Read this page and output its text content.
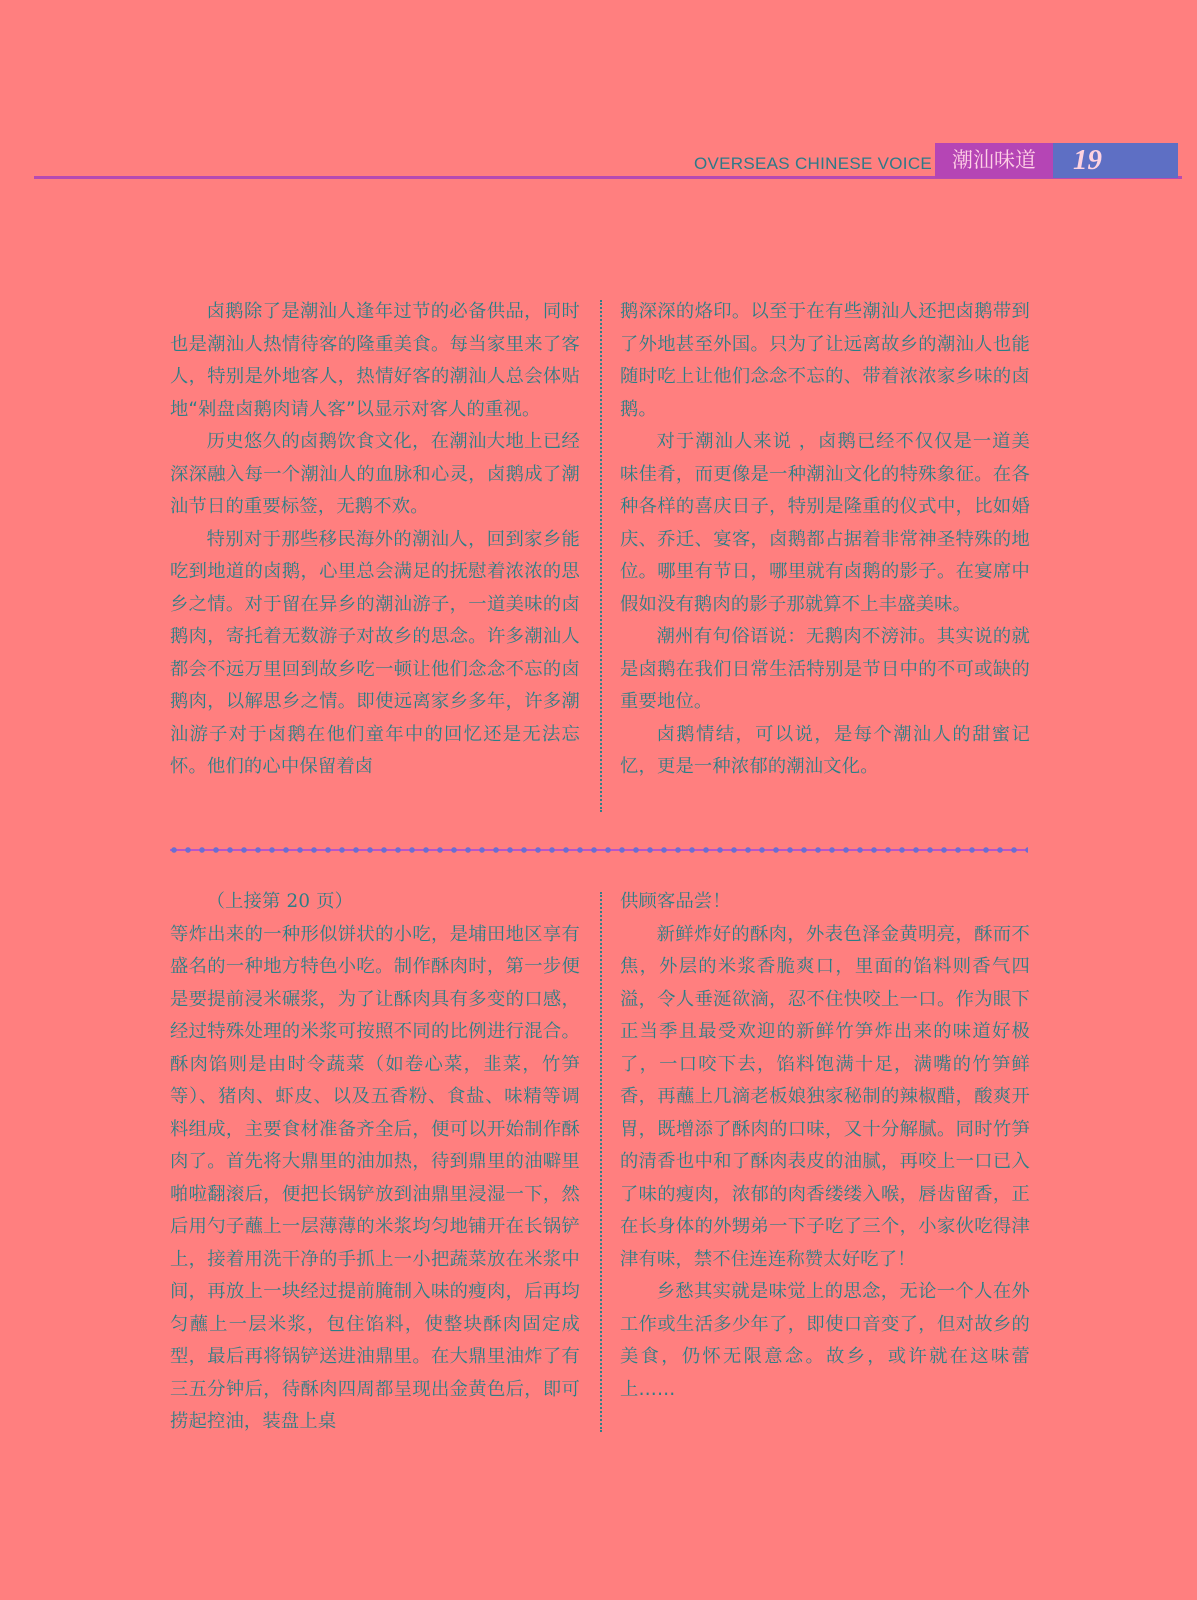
OVERSEAS CHINESE VOICE 潮汕味道	19

卤鹅除了是潮汕人逢年过节的必备供品，同时也是潮汕人热情待客的隆重美食。每当家里来了客人，特别是外地客人，热情好客的潮汕人总会体贴地“剁盘卤鹅肉请人客”以显示对客人的重视。

历史悠久的卤鹅饮食文化，在潮汕大地上已经深深融入每一个潮汕人的血脉和心灵，卤鹅成了潮汕节日的重要标签，无鹅不欢。

特别对于那些移民海外的潮汕人，回到家乡能吃到地道的卤鹅，心里总会满足的抚慰着浓浓的思乡之情。对于留在异乡的潮汕游子，一道美味的卤鹅肉，寄托着无数游子对故乡的思念。许多潮汕人都会不远万里回到故乡吃一顿让他们念念不忘的卤鹅肉，以解思乡之情。即使远离家乡多年，许多潮汕游子对于卤鹅在他们童年中的回忆还是无法忘怀。他们的心中保留着卤

鹅深深的烙印。以至于在有些潮汕人还把卤鹅带到了外地甚至外国。只为了让远离故乡的潮汕人也能随时吃上让他们念念不忘的、带着浓浓家乡味的卤鹅。

对于潮汕人来说 ，卤鹅已经不仅仅是一道美味佳肴，而更像是一种潮汕文化的特殊象征。在各种各样的喜庆日子，特别是隆重的仪式中，比如婚庆、乔迁、宴客，卤鹅都占据着非常神圣特殊的地位。哪里有节日，哪里就有卤鹅的影子。在宴席中假如没有鹅肉的影子那就算不上丰盛美味。

潮州有句俗语说：无鹅肉不滂沛。其实说的就是卤鹅在我们日常生活特别是节日中的不可或缺的重要地位。

卤鹅情结，可以说，是每个潮汕人的甜蜜记忆，更是一种浓郁的潮汕文化。

（上接第 20 页）

等炸出来的一种形似饼状的小吃，是埔田地区享有盛名的一种地方特色小吃。制作酥肉时，第一步便是要提前浸米碾浆，为了让酥肉具有多变的口感，经过特殊处理的米浆可按照不同的比例进行混合。酥肉馅则是由时令蔬菜（如卷心菜，韭菜，竹笋等）、猪肉、虾皮、以及五香粉、食盐、味精等调料组成，主要食材准备齐全后，便可以开始制作酥肉了。首先将大鼎里的油加热，待到鼎里的油噼里啪啦翻滚后，便把长锅铲放到油鼎里浸湿一下，然后用勺子蘸上一层薄薄的米浆均匀地铺开在长锅铲上，接着用洗干净的手抓上一小把蔬菜放在米浆中间，再放上一块经过提前腌制入味的瘦肉，后再均匀蘸上一层米浆，包住馅料，使整块酥肉固定成型，最后再将锅铲送进油鼎里。在大鼎里油炸了有三五分钟后，待酥肉四周都呈现出金黄色后，即可捞起控油，装盘上桌

供顾客品尝！

新鲜炸好的酥肉，外表色泽金黄明亮，酥而不焦，外层的米浆香脆爽口，里面的馅料则香气四溢，令人垂涎欲滴，忍不住快咬上一口。作为眼下正当季且最受欢迎的新鲜竹笋炸出来的味道好极了，一口咬下去，馅料饱满十足，满嘴的竹笋鲜香，再蘸上几滴老板娘独家秘制的辣椒醋，酸爽开胃，既增添了酥肉的口味，又十分解腻。同时竹笋的清香也中和了酥肉表皮的油腻，再咬上一口已入了味的瘦肉，浓郁的肉香缕缕入喉，唇齿留香，正在长身体的外甥弟一下子吃了三个，小家伙吃得津津有味，禁不住连连称赞太好吃了！

乡愁其实就是味觉上的思念，无论一个人在外工作或生活多少年了，即使口音变了，但对故乡的美食，仍怀无限意念。故乡，或许就在这味蕾上……
